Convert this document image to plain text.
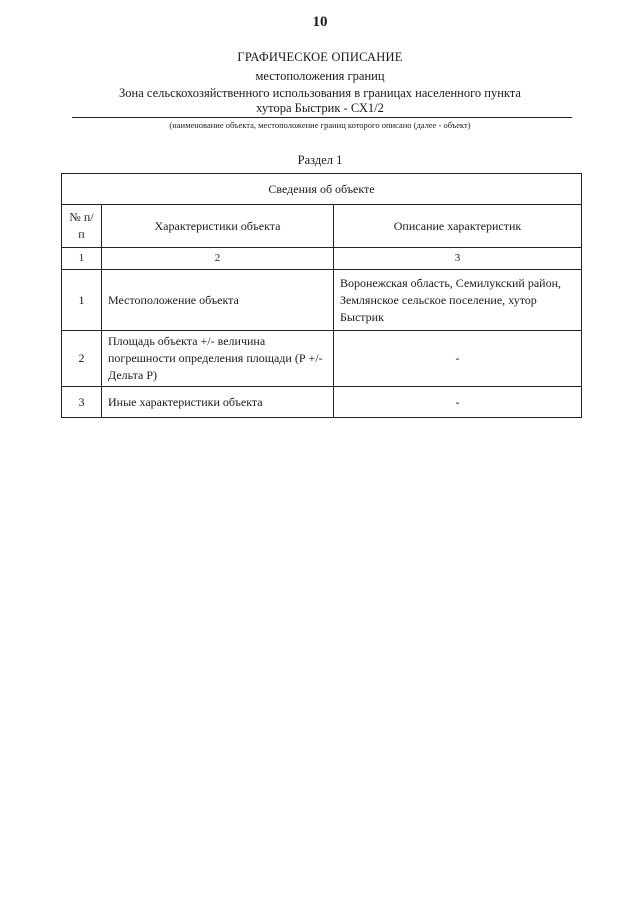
10
ГРАФИЧЕСКОЕ ОПИСАНИЕ
местоположения границ
Зона сельскохозяйственного использования в границах населенного пункта
хутора Быстрик - СХ1/2
(наименование объекта, местоположение границ которого описано (далее - объект)
Раздел 1
Сведения об объекте		
№ п/п	Характеристики объекта	Описание характеристик
1	2	3
1	Местоположение объекта	Воронежская область, Семилукский район, Землянское сельское поселение, хутор Быстрик
2	Площадь объекта +/- величина погрешности определения площади (Р +/- Дельта Р)	-
3	Иные характеристики объекта	-
